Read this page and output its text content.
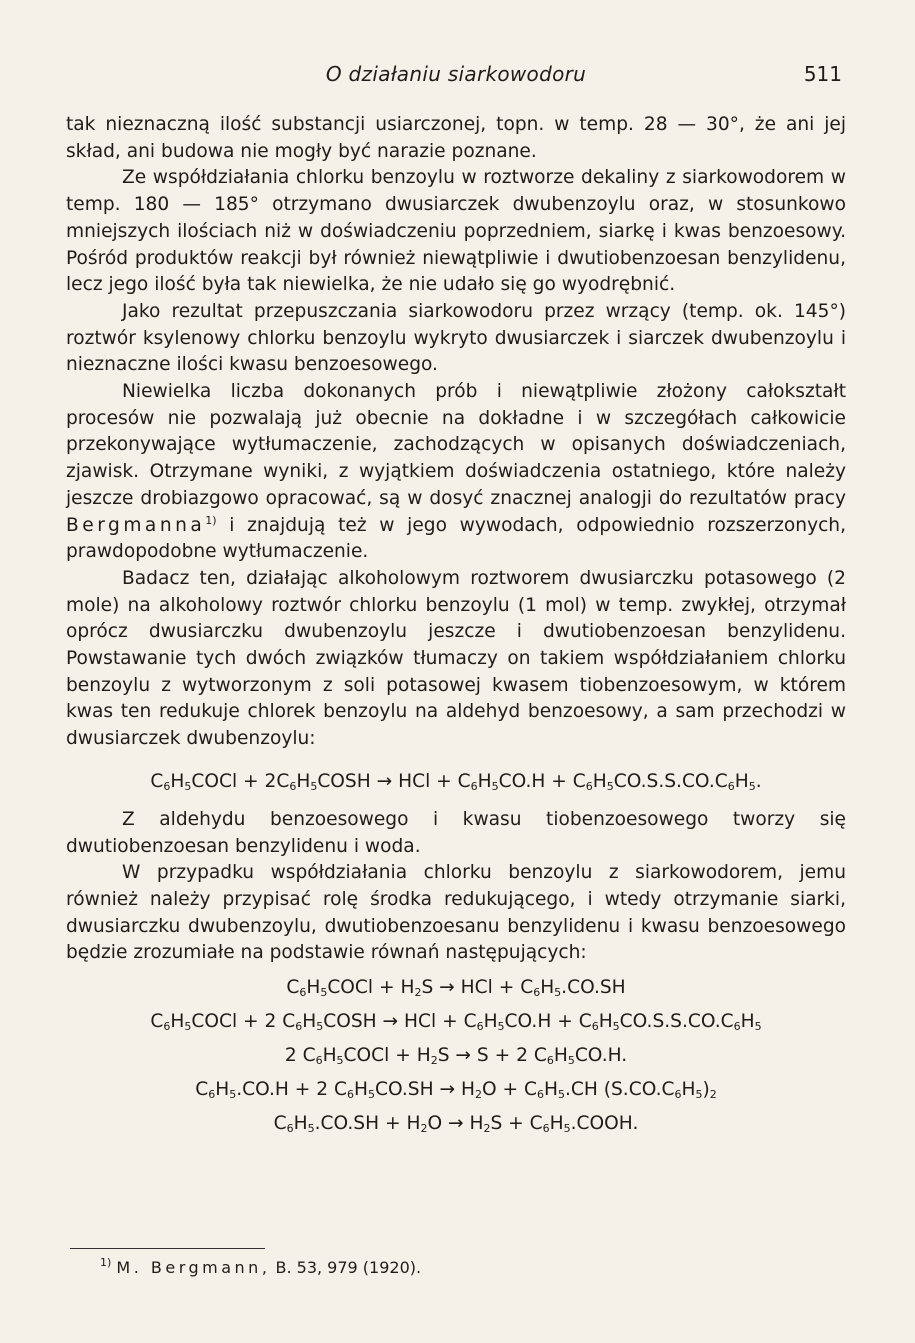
O działaniu siarkowodoru	511

tak nieznaczną ilość substancji usiarczonej, topn. w temp. 28 — 30°, że ani jej skład, ani budowa nie mogły być narazie poznane.

Ze współdziałania chlorku benzoylu w roztworze dekaliny z siarkowodorem w temp. 180 — 185° otrzymano dwusiarczek dwubenzoylu oraz, w stosunkowo mniejszych ilościach niż w doświadczeniu poprzedniem, siarkę i kwas benzoesowy. Pośród produktów reakcji był również niewątpliwie i dwutiobenzoesan benzylidenu, lecz jego ilość była tak niewielka, że nie udało się go wyodrębnić.

Jako rezultat przepuszczania siarkowodoru przez wrzący (temp. ok. 145°) roztwór ksylenowy chlorku benzoylu wykryto dwusiarczek i siarczek dwubenzoylu i nieznaczne ilości kwasu benzoesowego.

Niewielka liczba dokonanych prób i niewątpliwie złożony całokształt procesów nie pozwalają już obecnie na dokładne i w szczegółach całkowicie przekonywające wytłumaczenie, zachodzących w opisanych doświadczeniach, zjawisk. Otrzymane wyniki, z wyjątkiem doświadczenia ostatniego, które należy jeszcze drobiazgowo opracować, są w dosyć znacznej analogji do rezultatów pracy Bergmanna$^{1)}$ i znajdują też w jego wywodach, odpowiednio rozszerzonych, prawdopodobne wytłumaczenie.

Badacz ten, działając alkoholowym roztworem dwusiarczku potasowego (2 mole) na alkoholowy roztwór chlorku benzoylu (1 mol) w temp. zwykłej, otrzymał oprócz dwusiarczku dwubenzoylu jeszcze i dwutiobenzoesan benzylidenu. Powstawanie tych dwóch związków tłumaczy on takiem współdziałaniem chlorku benzoylu z wytworzonym z soli potasowej kwasem tiobenzoesowym, w którem kwas ten redukuje chlorek benzoylu na aldehyd benzoesowy, a sam przechodzi w dwusiarczek dwubenzoylu:

$C_6H_5COCl$ + $2C_6H_5COSH$ → HCl + $C_6H_5CO.H + C_6H_5CO.S.S.CO.C_6H_5$.

Z aldehydu benzoesowego i kwasu tiobenzoesowego tworzy się dwutiobenzoesan benzylidenu i woda.

W przypadku współdziałania chlorku benzoylu z siarkowodorem, jemu również należy przypisać rolę środka redukującego, i wtedy otrzymanie siarki, dwusiarczku dwubenzoylu, dwutiobenzoesanu benzylidenu i kwasu benzoesowego będzie zrozumiałe na podstawie równań następujących:

$C_6H_5COCl + H_2S$ → HCl + $C_6H_5.CO.SH$
$C_6H_5COCl + 2$ $C_6H_5COSH$ → HCl + $C_6H_5CO.H + C_6H_5CO.S.S.CO.C_6H_5$
2 $C_6H_5COCl + H_2S \to S + 2$ $C_6H_5CO.H$.
$C_6H_5.CO.H + 2$ $C_6H_5CO.SH \to H_2O + C_6H_5.CH$ $(S.CO.C_6H_5)_2$
$C_6H_5.CO.SH + H_2O \to H_2S$ + $C_6H_5.COOH$.
$^{1)}$ M. Bergmann, B. 53, 979 (1920).
